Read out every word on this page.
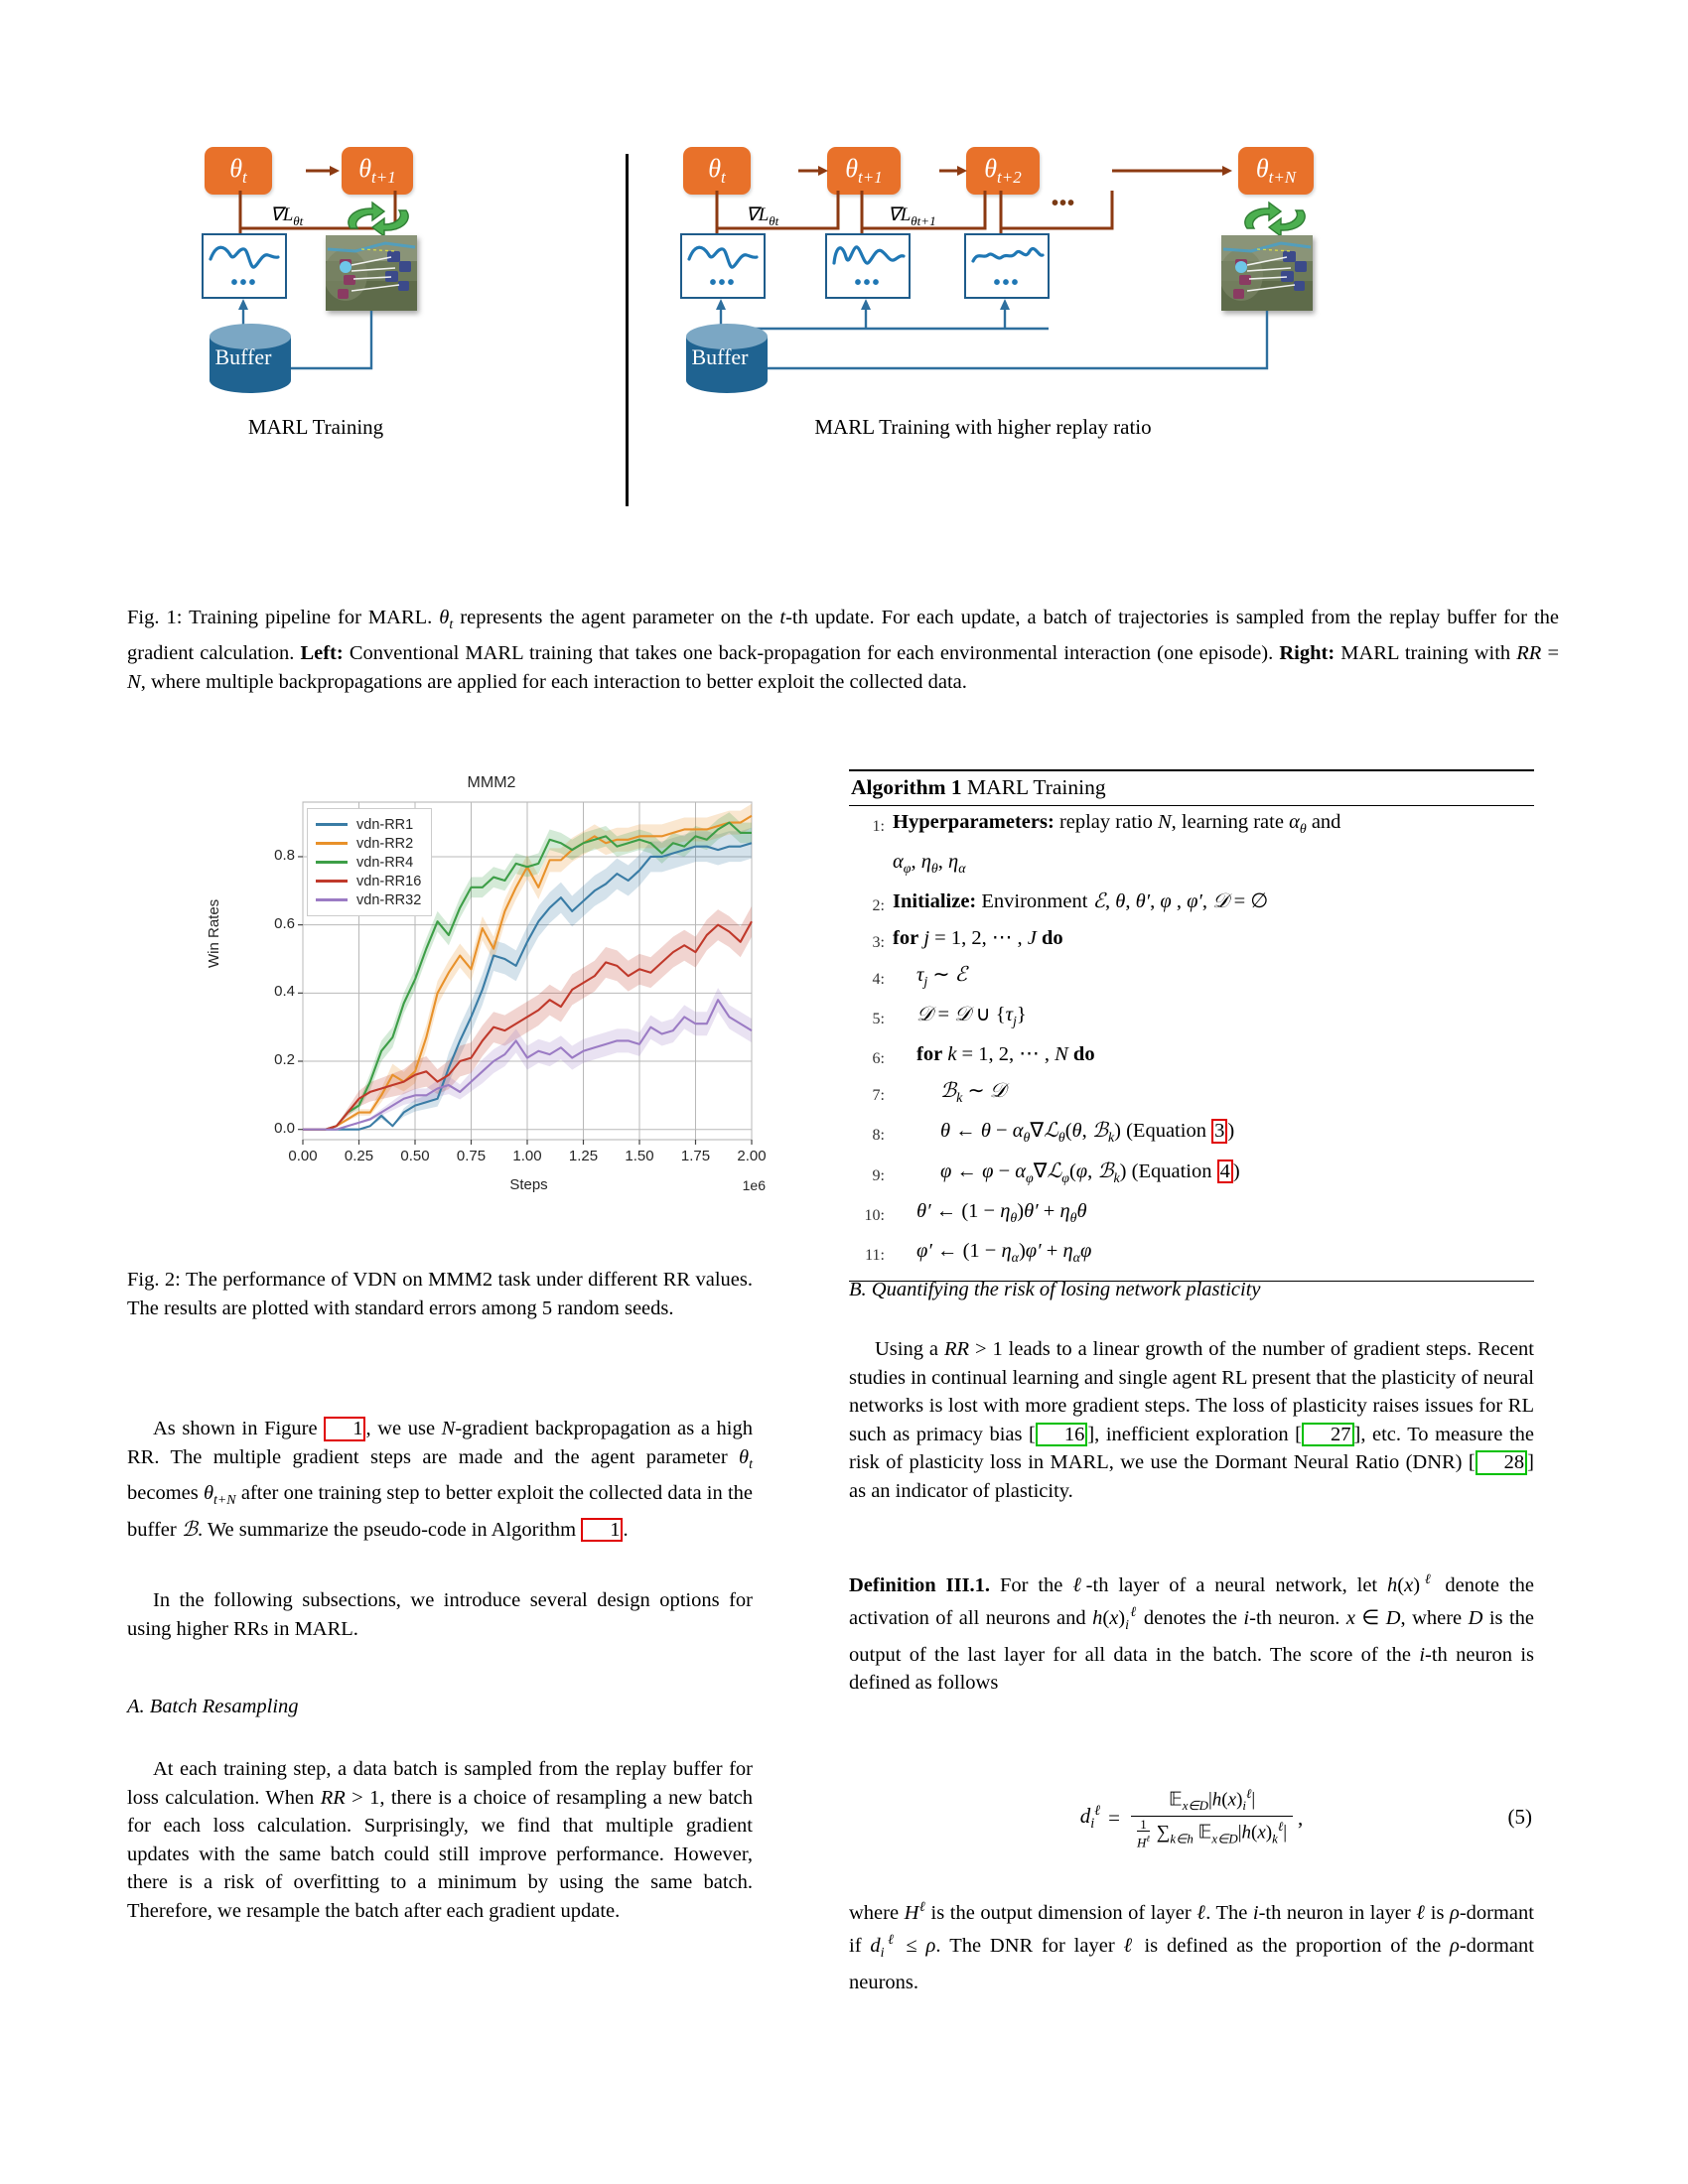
$\theta_t$	$\theta_{t+1}$
$\nabla L_{\theta t}$
•••
Buffer
MARL Training
$\theta_t$	$\theta_{t+1}$	$\theta_{t+2}$	$\theta_{t+N}$
$\nabla L_{\theta t}$	$\nabla L_{\theta t+1}$
•••
•••	•••	•••
Buffer
MARL Training with higher replay ratio
Fig. 1: Training pipeline for MARL. $\theta_t$ represents the agent parameter on the t-th update. For each update, a batch of trajectories is sampled from the replay buffer for the gradient calculation. Left: Conventional MARL training that takes one back-propagation for each environmental interaction (one episode). Right: MARL training with RR = N, where multiple backpropagations are applied for each interaction to better exploit the collected data.
MMM2
Win Rates
Steps	1e6
0.0
0.2
0.4
0.6
0.8
0.00	0.25	0.50	0.75	1.00	1.25	1.50	1.75	2.00
vdn-RR1
vdn-RR2
vdn-RR4
vdn-RR16
vdn-RR32
Fig. 2: The performance of VDN on MMM2 task under different RR values. The results are plotted with standard errors among 5 random seeds.
As shown in Figure 1 , we use N-gradient backpropagation as a high RR. The multiple gradient steps are made and the agent parameter $\theta_t$ becomes $\theta_{t+N}$ after one training step to better exploit the collected data in the buffer ℬ. We summarize the pseudo-code in Algorithm 1 .
In the following subsections, we introduce several design options for using higher RRs in MARL.
A. Batch Resampling
At each training step, a data batch is sampled from the replay buffer for loss calculation. When RR > 1, there is a choice of resampling a new batch for each loss calculation. Surprisingly, we find that multiple gradient updates with the same batch could still improve performance. However, there is a risk of overfitting to a minimum by using the same batch. Therefore, we resample the batch after each gradient update.
Algorithm 1 MARL Training
1: Hyperparameters: replay ratio N, learning rate $\alpha_\theta$ and
$\alpha_\varphi$, $\eta_\theta$, $\eta_\alpha$
2: Initialize: Environment ℰ, θ, θ′, φ , φ′, 𝒟 = ∅
3: for j = 1, 2, ⋯ , J do
4:	$\tau_j$ ∼ ℰ
5:	𝒟 = 𝒟 ∪ $\{\tau_j\}$
6:	for k = 1, 2, ⋯ , N do
7:	ℬ$_k$ ∼ 𝒟
8:	θ ← $\theta - \alpha_\theta\nabla ℒ_\theta(\theta$, ℬ$_k$) (Equation 3 )
9:	φ ← $\varphi - \alpha_\varphi\nabla ℒ_\varphi(\varphi$, ℬ$_k$) (Equation 4 )
10:	θ′ ← $(1 - \eta_\theta)\theta' + \eta_\theta\theta$
11:	φ′ ← $(1 - \eta_\alpha)\varphi' + \eta_\alpha\varphi$
B. Quantifying the risk of losing network plasticity
Using a RR > 1 leads to a linear growth of the number of gradient steps. Recent studies in continual learning and single agent RL present that the plasticity of neural networks is lost with more gradient steps. The loss of plasticity raises issues for RL such as primacy bias [ 16 ], inefficient exploration [ 27 ], etc. To measure the risk of plasticity loss in MARL, we use the Dormant Neural Ratio (DNR) [ 28 ] as an indicator of plasticity.
Definition III.1. For the ℓ-th layer of a neural network, let $h(x)^\ell$ denote the activation of all neurons and $h(x)_i^\ell$ denotes the i-th neuron. x ∈ D, where D is the output of the last layer for all data in the batch. The score of the i-th neuron is defined as follows
$d_i^\ell$ = $𝔼_{x\in D}|h(x)_i^\ell|$
1
$H^\ell$ $\sum_{k\in h}$ $𝔼_{x\in D}|h(x)_k^\ell|$ ,	(5)
where $H^\ell$ is the output dimension of layer ℓ. The i-th neuron in layer ℓ is ρ-dormant if $d_i^\ell \le \rho$. The DNR for layer ℓ is defined as the proportion of the ρ-dormant neurons.
